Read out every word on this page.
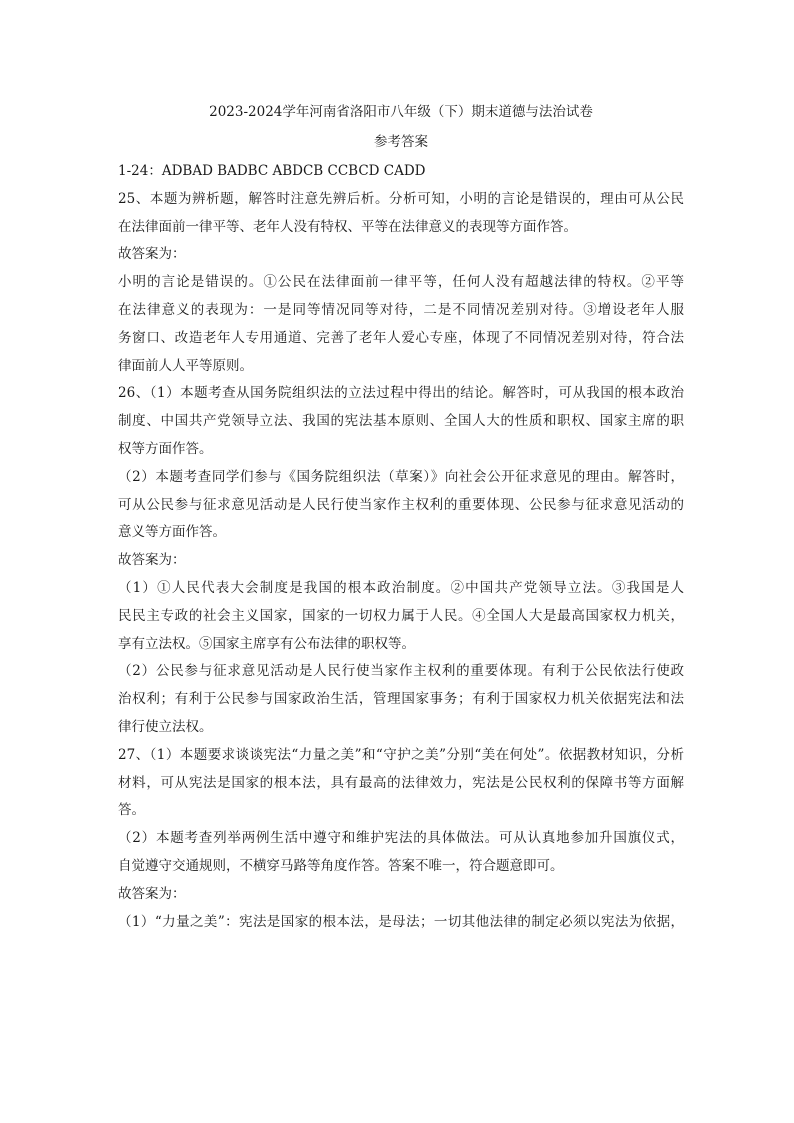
2023-2024学年河南省洛阳市八年级（下）期末道德与法治试卷
参考答案
1-24：ADBAD BADBC ABDCB CCBCD CADD
25、本题为辨析题，解答时注意先辨后析。分析可知，小明的言论是错误的，理由可从公民
在法律面前一律平等、老年人没有特权、平等在法律意义的表现等方面作答。
故答案为：
小明的言论是错误的。①公民在法律面前一律平等，任何人没有超越法律的特权。②平等
在法律意义的表现为：一是同等情况同等对待，二是不同情况差别对待。③增设老年人服
务窗口、改造老年人专用通道、完善了老年人爱心专座，体现了不同情况差别对待，符合法
律面前人人平等原则。
26、（1）本题考查从国务院组织法的立法过程中得出的结论。解答时，可从我国的根本政治
制度、中国共产党领导立法、我国的宪法基本原则、全国人大的性质和职权、国家主席的职
权等方面作答。
（2）本题考查同学们参与《国务院组织法（草案）》向社会公开征求意见的理由。解答时，
可从公民参与征求意见活动是人民行使当家作主权利的重要体现、公民参与征求意见活动的
意义等方面作答。
故答案为：
（1）①人民代表大会制度是我国的根本政治制度。②中国共产党领导立法。③我国是人
民民主专政的社会主义国家，国家的一切权力属于人民。④全国人大是最高国家权力机关，
享有立法权。⑤国家主席享有公布法律的职权等。
（2）公民参与征求意见活动是人民行使当家作主权利的重要体现。有利于公民依法行使政
治权利；有利于公民参与国家政治生活，管理国家事务；有利于国家权力机关依据宪法和法
律行使立法权。
27、（1）本题要求谈谈宪法“力量之美”和“守护之美”分别“美在何处”。依据教材知识，分析
材料，可从宪法是国家的根本法，具有最高的法律效力，宪法是公民权利的保障书等方面解
答。
（2）本题考查列举两例生活中遵守和维护宪法的具体做法。可从认真地参加升国旗仪式，
自觉遵守交通规则，不横穿马路等角度作答。答案不唯一，符合题意即可。
故答案为：
（1）“力量之美”：宪法是国家的根本法，是母法；一切其他法律的制定必须以宪法为依据，
